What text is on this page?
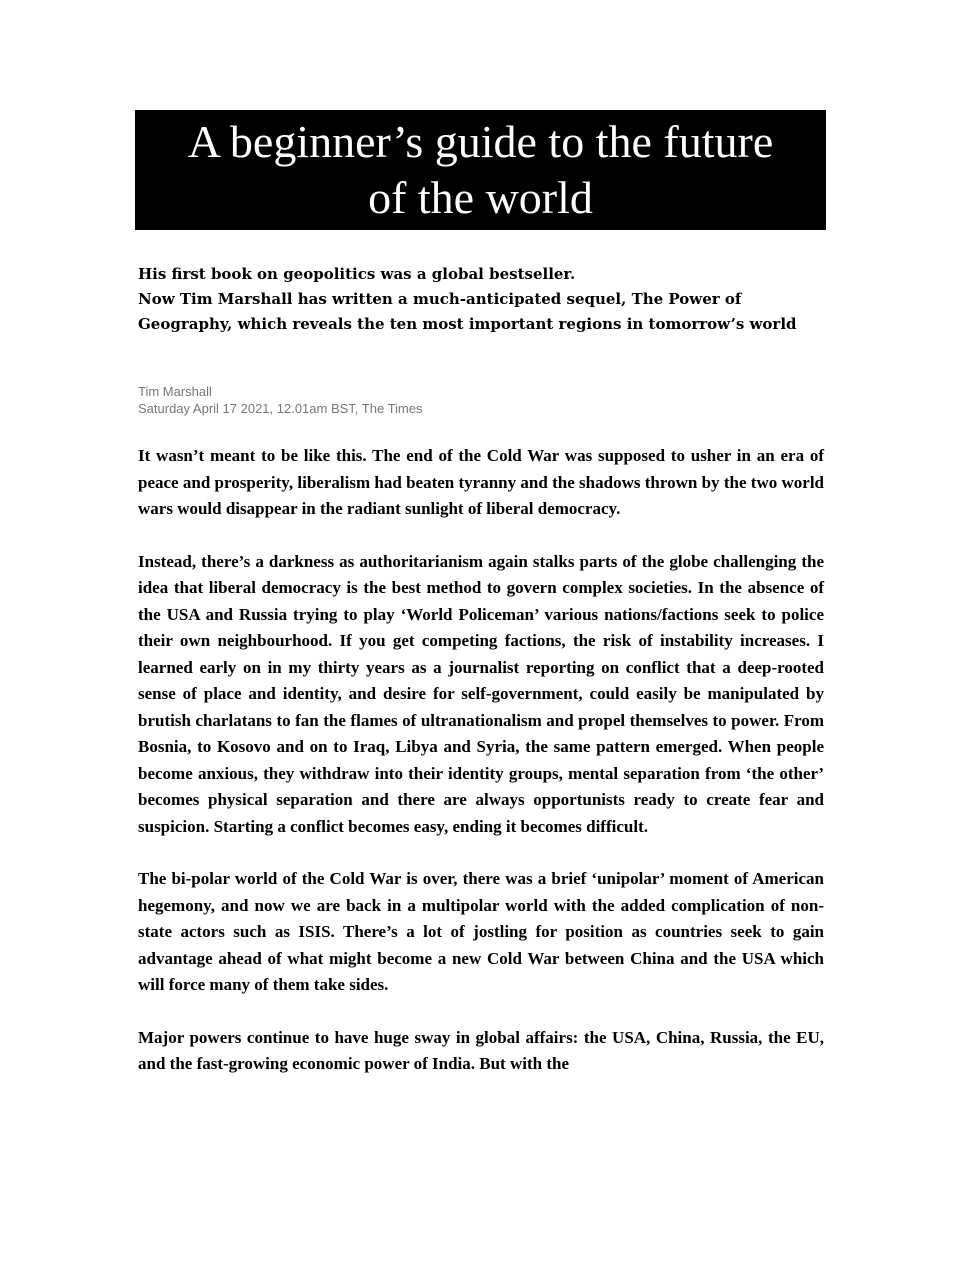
A beginner’s guide to the future
of the world

His first book on geopolitics was a global bestseller.
Now Tim Marshall has written a much-anticipated sequel, The Power of Geography, which reveals the ten most important regions in tomorrow’s world

Tim Marshall
Saturday April 17 2021, 12.01am BST, The Times

It wasn’t meant to be like this. The end of the Cold War was supposed to usher in an era of peace and prosperity, liberalism had beaten tyranny and the shadows thrown by the two world wars would disappear in the radiant sunlight of liberal democracy.

Instead, there’s a darkness as authoritarianism again stalks parts of the globe challenging the idea that liberal democracy is the best method to govern complex societies. In the absence of the USA and Russia trying to play ‘World Policeman’ various nations/factions seek to police their own neighbourhood. If you get competing factions, the risk of instability increases. I learned early on in my thirty years as a journalist reporting on conflict that a deep-rooted sense of place and identity, and desire for self-government, could easily be manipulated by brutish charlatans to fan the flames of ultranationalism and propel themselves to power. From Bosnia, to Kosovo and on to Iraq, Libya and Syria, the same pattern emerged. When people become anxious, they withdraw into their identity groups, mental separation from ‘the other’ becomes physical separation and there are always opportunists ready to create fear and suspicion. Starting a conflict becomes easy, ending it becomes difficult.

The bi-polar world of the Cold War is over, there was a brief ‘unipolar’ moment of American hegemony, and now we are back in a multipolar world with the added complication of non-state actors such as ISIS. There’s a lot of jostling for position as countries seek to gain advantage ahead of what might become a new Cold War between China and the USA which will force many of them take sides.

Major powers continue to have huge sway in global affairs: the USA, China, Russia, the EU, and the fast-growing economic power of India. But with the
